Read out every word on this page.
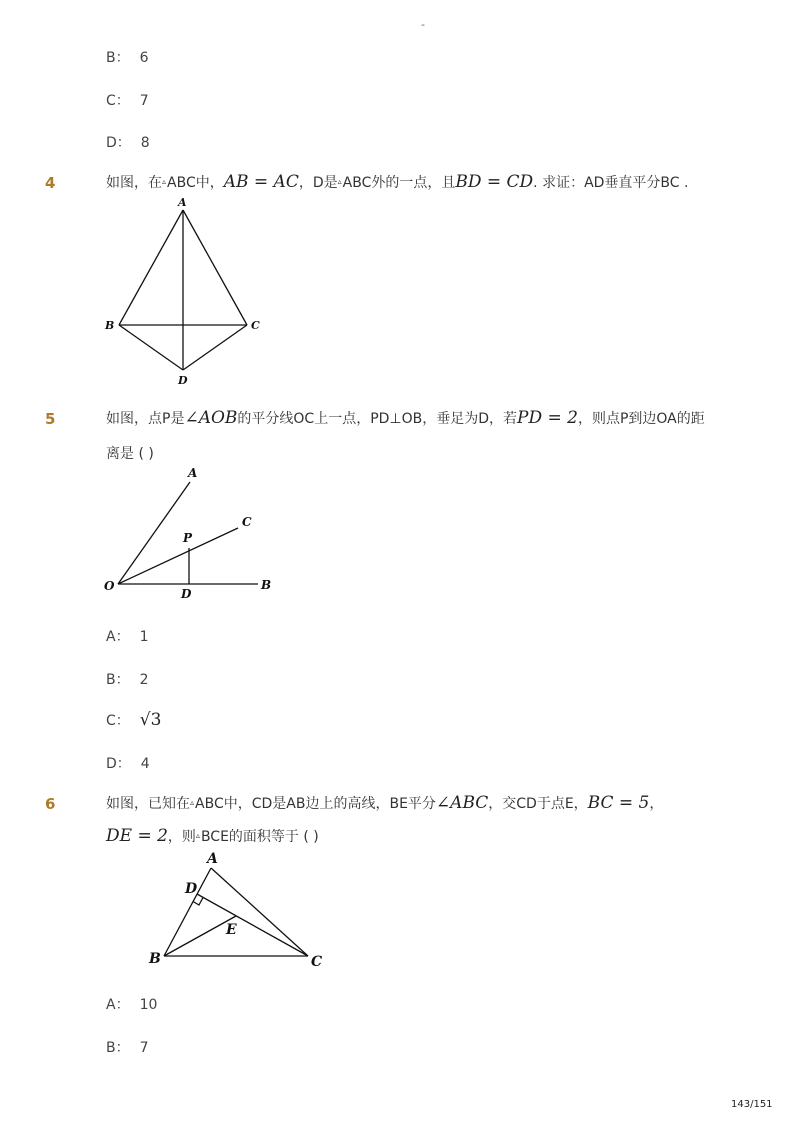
-
B： 6
C： 7
D： 8
4	如图，在▵ABC中，AB = AC，D是▵ABC外的一点，且BD = CD. 求证：AD垂直平分BC .
A
B	C
D
5	如图，点P是∠AOB的平分线OC上一点，PD⊥OB，垂足为D，若PD = 2，则点P到边OA的距
离是 ( )
A
C
P
O
D
B
A： 1
B： 2
C： √3
D： 4
6	如图，已知在▵ABC中，CD是AB边上的高线，BE平分∠ABC，交CD于点E，BC = 5，
DE = 2，则▵BCE的面积等于 ( )
A
D
E
B	C
A： 10
B： 7
143/151
